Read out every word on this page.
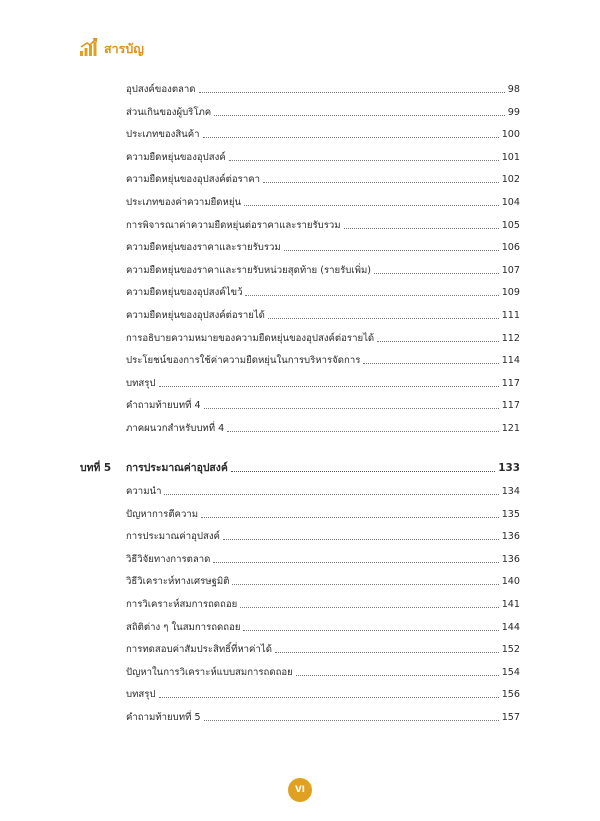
สารบัญ
อุปสงค์ของตลาด	98
ส่วนเกินของผู้บริโภค	99
ประเภทของสินค้า	100
ความยืดหยุ่นของอุปสงค์	101
ความยืดหยุ่นของอุปสงค์ต่อราคา	102
ประเภทของค่าความยืดหยุ่น	104
การพิจารณาค่าความยืดหยุ่นต่อราคาและรายรับรวม	105
ความยืดหยุ่นของราคาและรายรับรวม	106
ความยืดหยุ่นของราคาและรายรับหน่วยสุดท้าย (รายรับเพิ่ม)	107
ความยืดหยุ่นของอุปสงค์ไขว้	109
ความยืดหยุ่นของอุปสงค์ต่อรายได้	111
การอธิบายความหมายของความยืดหยุ่นของอุปสงค์ต่อรายได้	112
ประโยชน์ของการใช้ค่าความยืดหยุ่นในการบริหารจัดการ	114
บทสรุป	117
คำถามท้ายบทที่ 4	117
ภาคผนวกสำหรับบทที่ 4	121
บทที่ 5	การประมาณค่าอุปสงค์	133
ความนำ	134
ปัญหาการตีความ	135
การประมาณค่าอุปสงค์	136
วิธีวิจัยทางการตลาด	136
วิธีวิเคราะห์ทางเศรษฐมิติ	140
การวิเคราะห์สมการถดถอย	141
สถิติต่าง ๆ ในสมการถดถอย	144
การทดสอบค่าสัมประสิทธิ์ที่หาค่าได้	152
ปัญหาในการวิเคราะห์แบบสมการถดถอย	154
บทสรุป	156
คำถามท้ายบทที่ 5	157
VI
